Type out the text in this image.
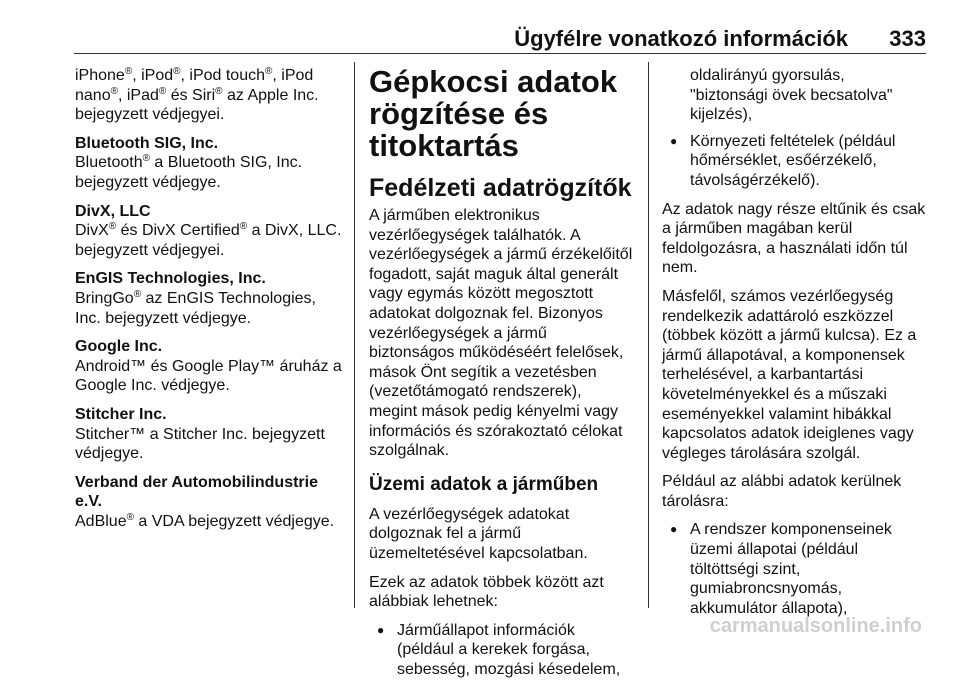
Ügyfélre vonatkozó információk 333

iPhone®, iPod®, iPod touch®, iPod
nano®, iPad® és Siri® az Apple Inc.
bejegyzett védjegyei.

Bluetooth SIG, Inc.

Bluetooth® a Bluetooth SIG, Inc.
bejegyzett védjegye.

DivX, LLC

DivX® és DivX Certified® a DivX, LLC.
bejegyzett védjegyei.

EnGIS Technologies, Inc.

BringGo® az EnGIS Technologies,
Inc. bejegyzett védjegye.

Google Inc.

Android™ és Google Play™ áruház a
Google Inc. védjegye.

Stitcher Inc.

Stitcher™ a Stitcher Inc. bejegyzett
védjegye.

Verband der Automobilindustrie e.V.

AdBlue® a VDA bejegyzett védjegye.

Gépkocsi adatok
rögzítése és titoktartás
Fedélzeti adatrögzítők

A járműben elektronikus
vezérlőegységek találhatók. A
vezérlőegységek a jármű érzékelőitől
fogadott, saját maguk által generált
vagy egymás között megosztott
adatokat dolgoznak fel. Bizonyos
vezérlőegységek a jármű
biztonságos működéséért felelősek,
mások Önt segítik a vezetésben
(vezetőtámogató rendszerek),
megint mások pedig kényelmi vagy
információs és szórakoztató célokat
szolgálnak.

Üzemi adatok a járműben

A vezérlőegységek adatokat
dolgoznak fel a jármű
üzemeltetésével kapcsolatban.

Ezek az adatok többek között azt
alábbiak lehetnek:

● Járműállapot információk
(például a kerekek forgása,
sebesség, mozgási késedelem,

oldalirányú gyorsulás,
"biztonsági övek becsatolva"
kijelzés),

● Környezeti feltételek (például
hőmérséklet, esőérzékelő,
távolságérzékelő).

Az adatok nagy része eltűnik és csak
a járműben magában kerül
feldolgozásra, a használati időn túl
nem.

Másfelől, számos vezérlőegység
rendelkezik adattároló eszközzel
(többek között a jármű kulcsa). Ez a
jármű állapotával, a komponensek
terhelésével, a karbantartási
követelményekkel és a műszaki
eseményekkel valamint hibákkal
kapcsolatos adatok ideiglenes vagy
végleges tárolására szolgál.

Például az alábbi adatok kerülnek
tárolásra:

● A rendszer komponenseinek
üzemi állapotai (például
töltöttségi szint,
gumiabroncsnyomás,
akkumulátor állapota),
carmanualsonline.info
